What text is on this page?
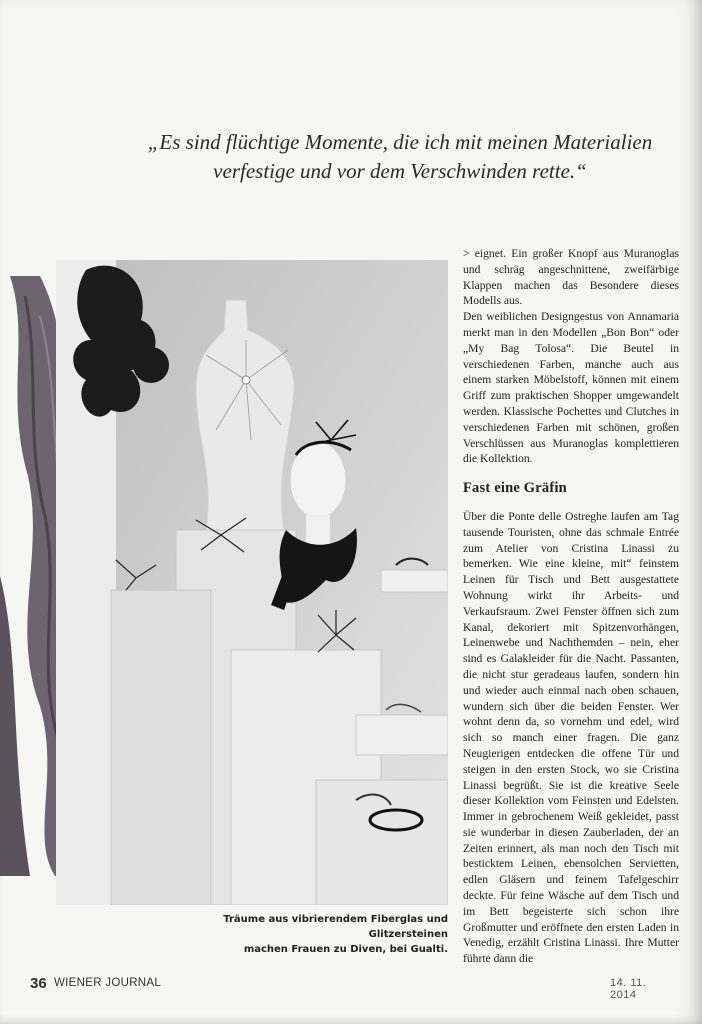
„Es sind flüchtige Momente, die ich mit meinen Materialien
verfestige und vor dem Verschwinden rette.“
Träume aus vibrierendem Fiberglas und Glitzersteinen
machen Frauen zu Diven, bei Gualti.

> eignet. Ein großer Knopf aus Muranoglas und schräg angeschnittene, zweifärbige Klappen machen das Besondere dieses Modells aus.

Den weiblichen Designgestus von Annamaria merkt man in den Modellen „Bon Bon“ oder „My Bag Tolosa“. Die Beutel in verschiedenen Farben, manche auch aus einem starken Möbelstoff, können mit einem Griff zum praktischen Shopper umgewandelt werden. Klassische Pochettes und Clutches in verschiedenen Farben mit schönen, großen Verschlüssen aus Muranoglas komplettieren die Kollektion.

Fast eine Gräfin

Über die Ponte delle Ostreghe laufen am Tag tausende Touristen, ohne das schmale Entrée zum Atelier von Cristina Linassi zu bemerken. Wie eine kleine, mit“ feinstem Leinen für Tisch und Bett ausgestattete Wohnung wirkt ihr Arbeits- und Verkaufsraum. Zwei Fenster öffnen sich zum Kanal, dekoriert mit Spitzenvorhängen, Leinenwebe und Nachthemden – nein, eher sind es Galakleider für die Nacht. Passanten, die nicht stur geradeaus laufen, sondern hin und wieder auch einmal nach oben schauen, wundern sich über die beiden Fenster. Wer wohnt denn da, so vornehm und edel, wird sich so manch einer fragen. Die ganz Neugierigen entdecken die offene Tür und steigen in den ersten Stock, wo sie Cristina Linassi begrüßt. Sie ist die kreative Seele dieser Kollektion vom Feinsten und Edelsten. Immer in gebrochenem Weiß gekleidet, passt sie wunderbar in diesen Zauberladen, der an Zeiten erinnert, als man noch den Tisch mit besticktem Leinen, ebensolchen Servietten, edlen Gläsern und feinem Tafelgeschirr deckte. Für feine Wäsche auf dem Tisch und im Bett begeisterte sich schon ihre Großmutter und eröffnete den ersten Laden in Venedig, erzählt Cristina Linassi. Ihre Mutter führte dann die

36 WIENER JOURNAL	14. 11. 2014
